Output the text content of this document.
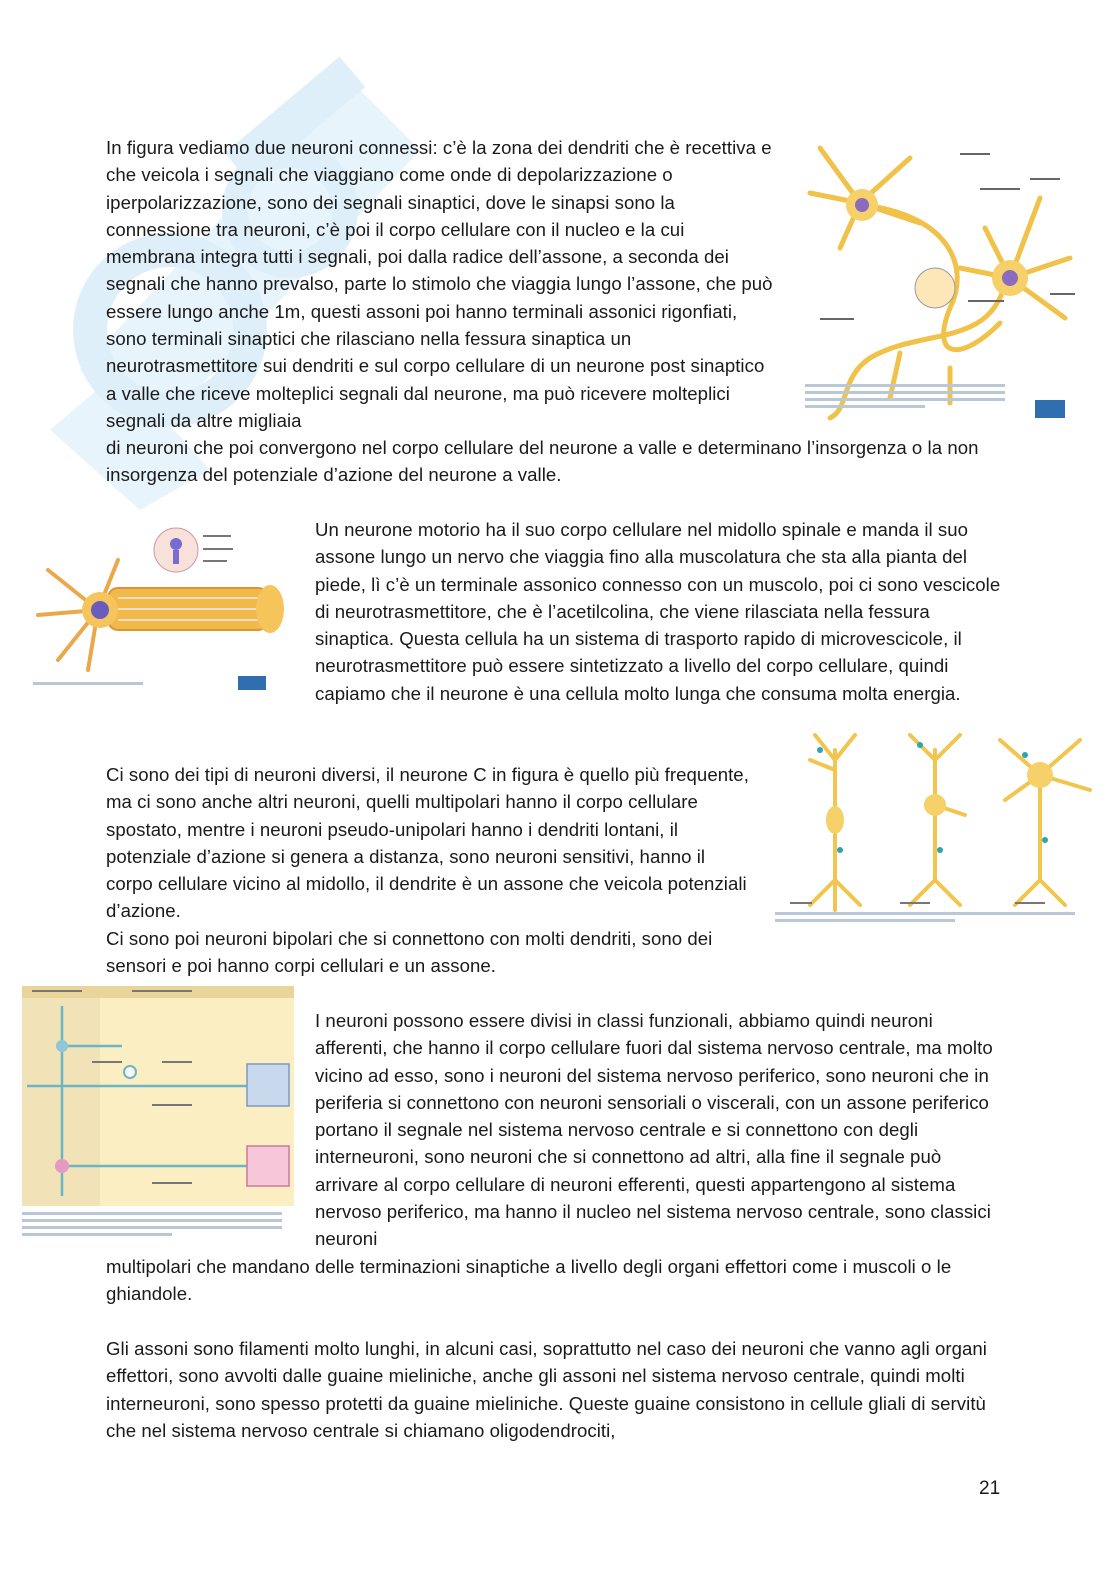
In figura vediamo due neuroni connessi: c’è la zona dei dendriti che è recettiva e che veicola i segnali che viaggiano come onde di depolarizzazione o iperpolarizzazione, sono dei segnali sinaptici, dove le sinapsi sono la connessione tra neuroni, c’è poi il corpo cellulare con il nucleo e la cui membrana integra tutti i segnali, poi dalla radice dell’assone, a seconda dei segnali che hanno prevalso, parte lo stimolo che viaggia lungo l’assone, che può essere lungo anche 1m, questi assoni poi hanno terminali assonici rigonfiati, sono terminali sinaptici che rilasciano nella fessura sinaptica un neurotrasmettitore sui dendriti e sul corpo cellulare di un neurone post sinaptico a valle che riceve molteplici segnali dal neurone, ma può ricevere molteplici segnali da altre migliaia

di neuroni che poi convergono nel corpo cellulare del neurone a valle e determinano l’insorgenza o la non insorgenza del potenziale d’azione del neurone a valle.

Un neurone motorio ha il suo corpo cellulare nel midollo spinale e manda il suo assone lungo un nervo che viaggia fino alla muscolatura che sta alla pianta del piede, lì c’è un terminale assonico connesso con un muscolo, poi ci sono vescicole di neurotrasmettitore, che è l’acetilcolina, che viene rilasciata nella fessura sinaptica. Questa cellula ha un sistema di trasporto rapido di microvescicole, il neurotrasmettitore può essere sintetizzato a livello del corpo cellulare, quindi capiamo che il neurone è una cellula molto lunga che consuma molta energia.

Ci sono dei tipi di neuroni diversi, il neurone C in figura è quello più frequente, ma ci sono anche altri neuroni, quelli multipolari hanno il corpo cellulare spostato, mentre i neuroni pseudo-unipolari hanno i dendriti lontani, il potenziale d’azione si genera a distanza, sono neuroni sensitivi, hanno il corpo cellulare vicino al midollo, il dendrite è un assone che veicola potenziali d’azione.

Ci sono poi neuroni bipolari che si connettono con molti dendriti, sono dei sensori e poi hanno corpi cellulari e un assone.

I neuroni possono essere divisi in classi funzionali, abbiamo quindi neuroni afferenti, che hanno il corpo cellulare fuori dal sistema nervoso centrale, ma molto vicino ad esso, sono i neuroni del sistema nervoso periferico, sono neuroni che in periferia si connettono con neuroni sensoriali o viscerali, con un assone periferico portano il segnale nel sistema nervoso centrale e si connettono con degli interneuroni, sono neuroni che si connettono ad altri, alla fine il segnale può arrivare al corpo cellulare di neuroni efferenti, questi appartengono al sistema nervoso periferico, ma hanno il nucleo nel sistema nervoso centrale, sono classici neuroni

multipolari che mandano delle terminazioni sinaptiche a livello degli organi effettori come i muscoli o le ghiandole.

Gli assoni sono filamenti molto lunghi, in alcuni casi, soprattutto nel caso dei neuroni che vanno agli organi effettori, sono avvolti dalle guaine mieliniche, anche gli assoni nel sistema nervoso centrale, quindi molti interneuroni, sono spesso protetti da guaine mieliniche. Queste guaine consistono in cellule gliali di servitù che nel sistema nervoso centrale si chiamano oligodendrociti,

21
